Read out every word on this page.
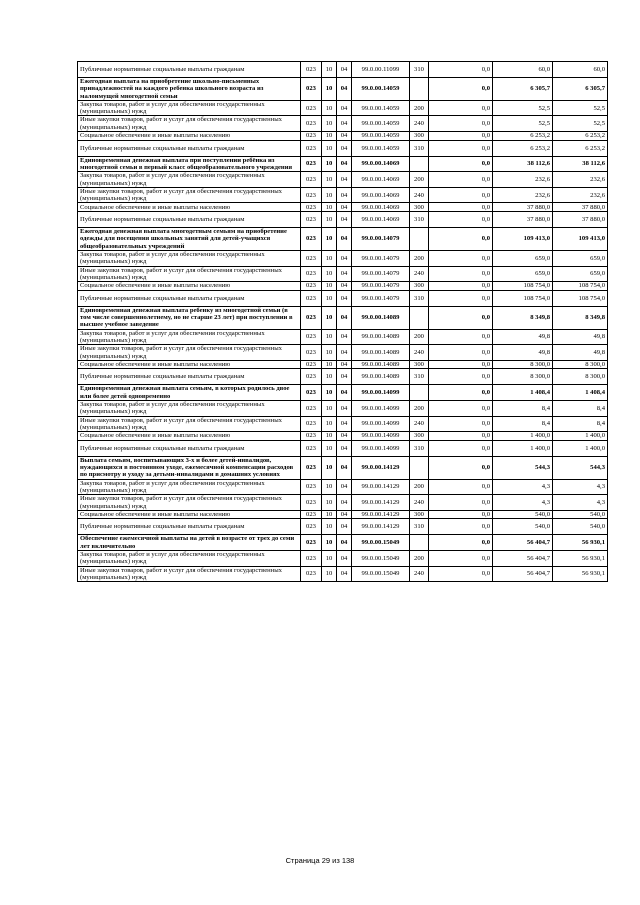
Публичные нормативные социальные выплаты гражданам	023	10	04	99.0.00.11099	310	0,0	60,0	60,0
Ежегодная выплата на приобретение школьно-письменных принадлежностей на каждого ребенка школьного возраста из малоимущей многодетной семьи	023	10	04	99.0.00.14059		0,0	6 305,7	6 305,7
Закупка товаров, работ и услуг для обеспечения государственных (муниципальных) нужд	023	10	04	99.0.00.14059	200	0,0	52,5	52,5
Иные закупки товаров, работ и услуг для обеспечения государственных (муниципальных) нужд	023	10	04	99.0.00.14059	240	0,0	52,5	52,5
Социальное обеспечение и иные выплаты населению	023	10	04	99.0.00.14059	300	0,0	6 253,2	6 253,2
Публичные нормативные социальные выплаты гражданам	023	10	04	99.0.00.14059	310	0,0	6 253,2	6 253,2
Единовременная денежная выплата при поступлении ребёнка из многодетной семьи в первый класс общеобразовательного учреждения	023	10	04	99.0.00.14069		0,0	38 112,6	38 112,6
Закупка товаров, работ и услуг для обеспечения государственных (муниципальных) нужд	023	10	04	99.0.00.14069	200	0,0	232,6	232,6
Иные закупки товаров, работ и услуг для обеспечения государственных (муниципальных) нужд	023	10	04	99.0.00.14069	240	0,0	232,6	232,6
Социальное обеспечение и иные выплаты населению	023	10	04	99.0.00.14069	300	0,0	37 880,0	37 880,0
Публичные нормативные социальные выплаты гражданам	023	10	04	99.0.00.14069	310	0,0	37 880,0	37 880,0
Ежегодная денежная выплата многодетным семьям на приобретение одежды для посещения школьных занятий для детей-учащихся общеобразовательных учреждений	023	10	04	99.0.00.14079		0,0	109 413,0	109 413,0
Закупка товаров, работ и услуг для обеспечения государственных (муниципальных) нужд	023	10	04	99.0.00.14079	200	0,0	659,0	659,0
Иные закупки товаров, работ и услуг для обеспечения государственных (муниципальных) нужд	023	10	04	99.0.00.14079	240	0,0	659,0	659,0
Социальное обеспечение и иные выплаты населению	023	10	04	99.0.00.14079	300	0,0	108 754,0	108 754,0
Публичные нормативные социальные выплаты гражданам	023	10	04	99.0.00.14079	310	0,0	108 754,0	108 754,0
Единовременная денежная выплата ребенку из многодетной семьи (в том числе совершеннолетнему, но не старше 23 лет) при поступлении в высшее учебное заведение	023	10	04	99.0.00.14089		0,0	8 349,8	8 349,8
Закупка товаров, работ и услуг для обеспечения государственных (муниципальных) нужд	023	10	04	99.0.00.14089	200	0,0	49,8	49,8
Иные закупки товаров, работ и услуг для обеспечения государственных (муниципальных) нужд	023	10	04	99.0.00.14089	240	0,0	49,8	49,8
Социальное обеспечение и иные выплаты населению	023	10	04	99.0.00.14089	300	0,0	8 300,0	8 300,0
Публичные нормативные социальные выплаты гражданам	023	10	04	99.0.00.14089	310	0,0	8 300,0	8 300,0
Единовременная денежная выплата семьям, в которых родилось двое или более детей одновременно	023	10	04	99.0.00.14099		0,0	1 408,4	1 408,4
Закупка товаров, работ и услуг для обеспечения государственных (муниципальных) нужд	023	10	04	99.0.00.14099	200	0,0	8,4	8,4
Иные закупки товаров, работ и услуг для обеспечения государственных (муниципальных) нужд	023	10	04	99.0.00.14099	240	0,0	8,4	8,4
Социальное обеспечение и иные выплаты населению	023	10	04	99.0.00.14099	300	0,0	1 400,0	1 400,0
Публичные нормативные социальные выплаты гражданам	023	10	04	99.0.00.14099	310	0,0	1 400,0	1 400,0
Выплата семьям, воспитывающих 3-х и более детей-инвалидов, нуждающихся в постоянном уходе, ежемесячной компенсации расходов по присмотру и уходу за детьми-инвалидами в домашних условиях	023	10	04	99.0.00.14129		0,0	544,3	544,3
Закупка товаров, работ и услуг для обеспечения государственных (муниципальных) нужд	023	10	04	99.0.00.14129	200	0,0	4,3	4,3
Иные закупки товаров, работ и услуг для обеспечения государственных (муниципальных) нужд	023	10	04	99.0.00.14129	240	0,0	4,3	4,3
Социальное обеспечение и иные выплаты населению	023	10	04	99.0.00.14129	300	0,0	540,0	540,0
Публичные нормативные социальные выплаты гражданам	023	10	04	99.0.00.14129	310	0,0	540,0	540,0
Обеспечение ежемесячной выплаты на детей в возрасте от трех до семи лет включительно	023	10	04	99.0.00.15049		0,0	56 404,7	56 930,1
Закупка товаров, работ и услуг для обеспечения государственных (муниципальных) нужд	023	10	04	99.0.00.15049	200	0,0	56 404,7	56 930,1
Иные закупки товаров, работ и услуг для обеспечения государственных (муниципальных) нужд	023	10	04	99.0.00.15049	240	0,0	56 404,7	56 930,1
Страница 29 из 138
